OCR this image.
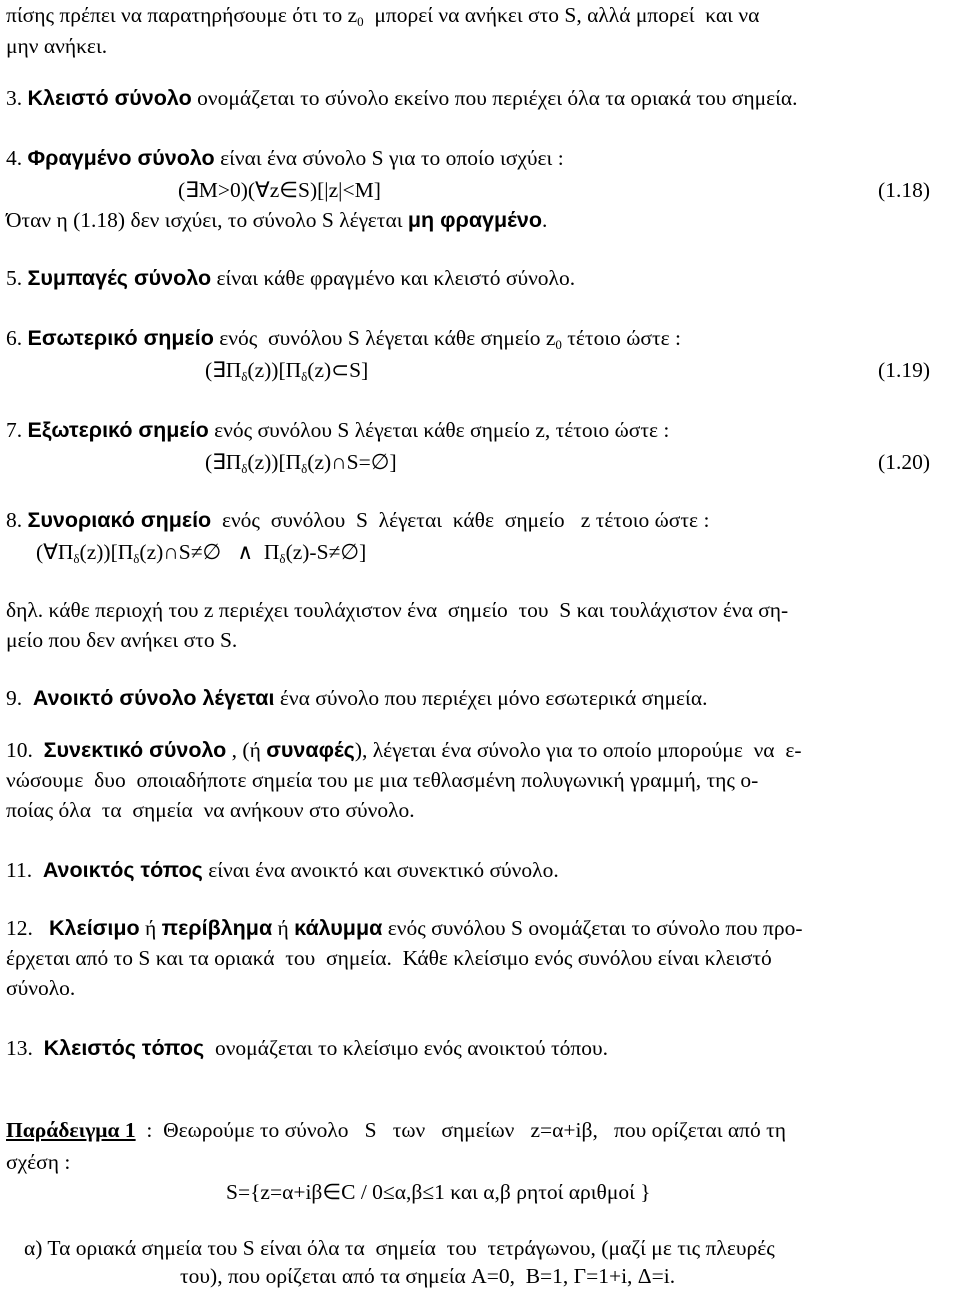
πίσης πρέπει να παρατηρήσουμε ότι το $z_0$  μπορεί να ανήκει στο S, αλλά μπορεί  και να
μην ανήκει.
3. Κλειστό σύνολο ονομάζεται το σύνολο εκείνο που περιέχει όλα τα οριακά του σημεία.
4. Φραγμένο σύνολο είναι ένα σύνολο S για το οποίο ισχύει :
(∃M>0)(∀z∈S)[|z|<M]	(1.18)
Όταν η (1.18) δεν ισχύει, το σύνολο S λέγεται μη φραγμένο.
5. Συμπαγές σύνολο είναι κάθε φραγμένο και κλειστό σύνολο.
6. Εσωτερικό σημείο ενός  συνόλου S λέγεται κάθε σημείο $z_0$ τέτοιο ώστε :
$(\exists\Pi_\delta(z))[\Pi_\delta(z)\subset S]$	(1.19)
7. Εξωτερικό σημείο ενός συνόλου S λέγεται κάθε σημείο z, τέτοιο ώστε :
$(\exists\Pi_\delta(z))[\Pi_\delta(z)\cap S=\emptyset]$	(1.20)
8. Συνοριακό σημείο  ενός  συνόλου  S  λέγεται  κάθε  σημείο   z τέτοιο ώστε :
$(\forall\Pi_\delta(z))[\Pi_\delta(z)\cap S\ne\emptyset$   ∧  $\Pi_\delta(z)-S\ne\emptyset$]
δηλ. κάθε περιοχή του z περιέχει τουλάχιστον ένα  σημείο  του  S και τουλάχιστον ένα ση-
μείο που δεν ανήκει στο S.
9.  Ανοικτό σύνολο λέγεται ένα σύνολο που περιέχει μόνο εσωτερικά σημεία.
10.  Συνεκτικό σύνολο , (ή συναφές), λέγεται ένα σύνολο για το οποίο μπορούμε  να  ε-
νώσουμε  δυο  οποιαδήποτε σημεία του με μια τεθλασμένη πολυγωνική γραμμή, της ο-
ποίας όλα  τα  σημεία  να ανήκουν στο σύνολο.
11.  Ανοικτός τόπος είναι ένα ανοικτό και συνεκτικό σύνολο.
12.   Κλείσιμο ή περίβλημα ή κάλυμμα ενός συνόλου S ονομάζεται το σύνολο που προ-
έρχεται από το S και τα οριακά  του  σημεία.  Κάθε κλείσιμο ενός συνόλου είναι κλειστό
σύνολο.
13.  Κλειστός τόπος  ονομάζεται το κλείσιμο ενός ανοικτού τόπου.
Παράδειγμα 1  :  Θεωρούμε το σύνολο   S   των   σημείων   z=α+iβ,   που ορίζεται από τη
σχέση :
S={z=α+iβ∈C / 0≤α,β≤1 και α,β ρητοί αριθμοί }
α) Τα οριακά σημεία του S είναι όλα τα  σημεία  του  τετράγωνου, (μαζί με τις πλευρές
του), που ορίζεται από τα σημεία A=0,  B=1, Γ=1+i, Δ=i.
